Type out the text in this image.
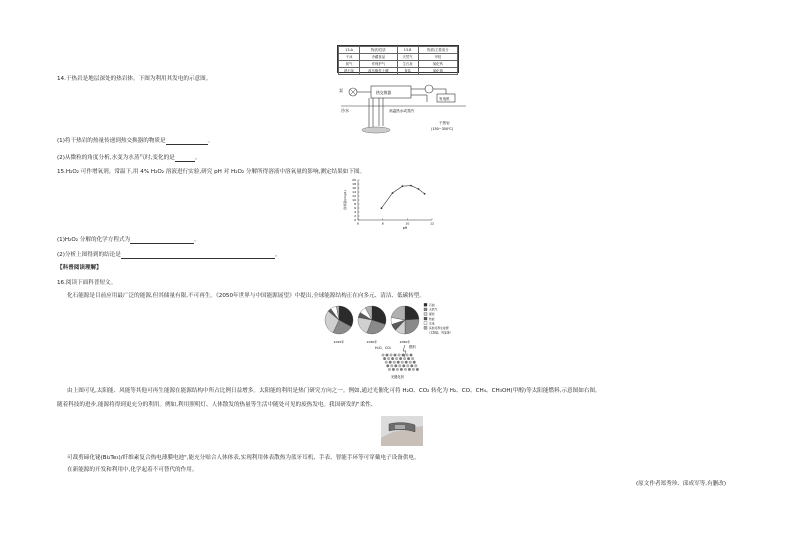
13-A	物质/性质	13-B	物质/主要成分
干冰	冷藏食品	天然气	甲烷
氮气	作保护气	生石灰	氧化钙
熟石灰	改良酸性土壤	食盐	氯化钠
14.干热岩是地层深处的热岩体。下图为利用其发电的示意图。
泵	热交换器
发电机
冷水	高温热水或蒸汽
干热岩
(150~350℃)
(1)将干热岩的热量传递到热交换器的物质是	。
(2)从微粒的角度分析,水变为水蒸气时,变化的是	。
15.H₂O₂ 可作增氧剂。常温下,用 4% H₂O₂ 溶液进行实验,研究 pH 对 H₂O₂ 分解所得溶液中溶氧量的影响,测定结果如下图。
0
2
4
6
8
10
12
14
16
18
20
6	8	10	12
pH
溶氧量/(mg/L)
(1)H₂O₂ 分解的化学方程式为	。
(2)分析上图得到的结论是	。
【科普阅读理解】
16.阅读下面科普短文。
化石能源是目前应用最广泛的能源,但其储量有限,不可再生。《2050年世界与中国能源展望》中提出,全球能源结构正在向多元、清洁、低碳转型。
2015年	2030年	2050年
石油
天然气
煤炭
核能
水电
其他可再生能源
(太阳能、风能等)
H₂O、CO₂	燃料
光催化剂
由上图可见,太阳能、风能等其他可再生能源在能源结构中所占比例日益增多。太阳能的利用是热门研究方向之一。例如,通过光催化可将 H₂O、CO₂ 转化为 H₂、CO、CH₄、CH₃OH(甲醇)等太阳能燃料,示意图如右图。
随着科技的进步,能源将得到更充分的利用。例如,利用照明灯、人体散发的热量等生活中随处可见的废热发电。我国研发的"柔性、
可裁剪碲化铋(Bi₂Te₃)/纤维素复合热电薄膜电池",能充分贴合人体体表,实现利用体表散热为蓝牙耳机、手表、智能手环等可穿戴电子设备供电。
在新能源的开发和利用中,化学起着不可替代的作用。
(原文作者郑秀珍、邱成军等,有删改)
